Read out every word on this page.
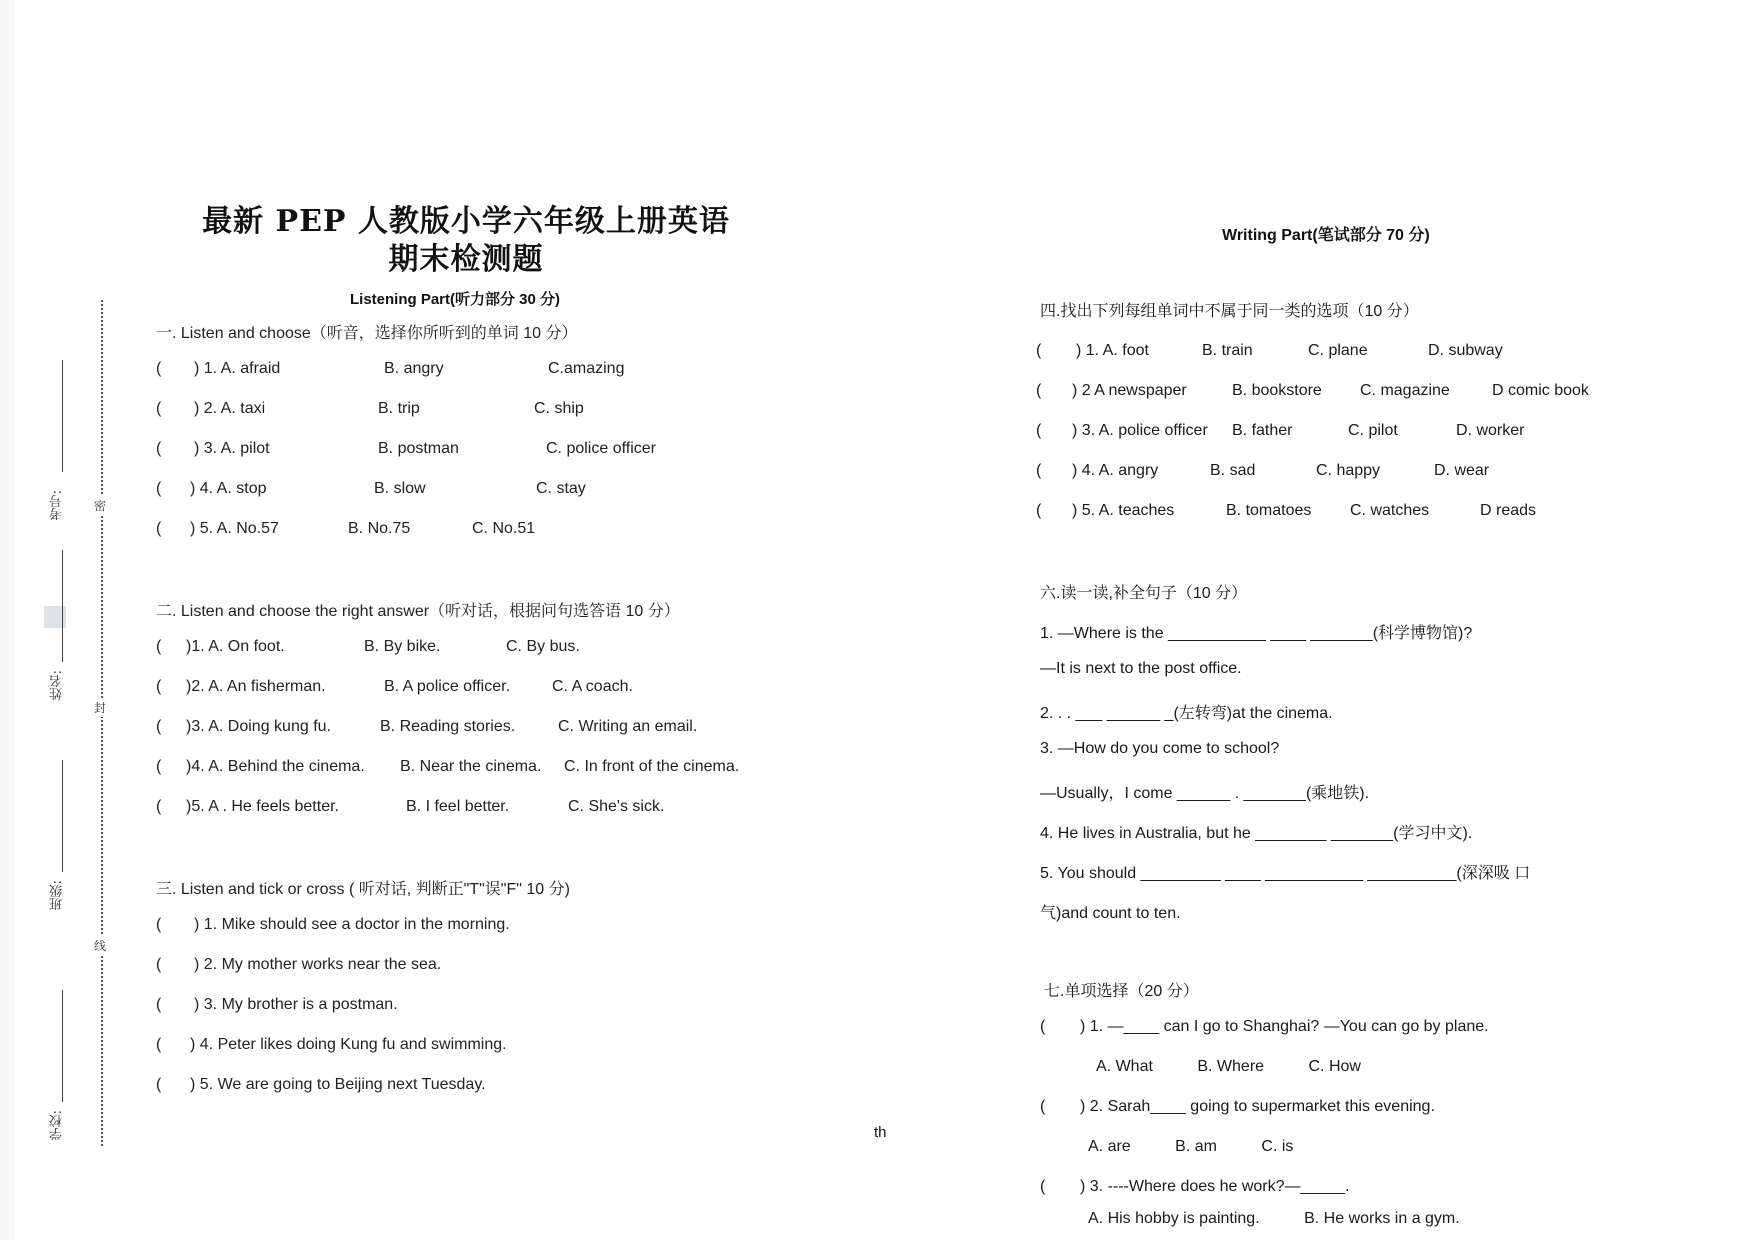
密
封
线
考号:
姓名:
班级:
学校:
最新 PEP 人教版小学六年级上册英语
期末检测题
Listening Part(听力部分 30 分)
一. Listen and choose（听音，选择你所听到的单词 10 分）
( ) 1. A. afraid	B. angry	C.amazing
( ) 2. A. taxi	B. trip	C. ship
( ) 3. A. pilot	B. postman	C. police officer
( ) 4. A. stop	B. slow	C. stay
( ) 5. A. No.57	B. No.75	C. No.51
二. Listen and choose the right answer（听对话，根据问句选答语 10 分）
( )1. A. On foot.	B. By bike.	C. By bus.
( )2. A. An fisherman.	B. A police officer.	C. A coach.
( )3. A. Doing kung fu.	B. Reading stories.	C. Writing an email.
( )4. A. Behind the cinema. B. Near the cinema. C. In front of the cinema.
( )5. A . He feels better.	B. I feel better.	C. She's sick.
三. Listen and tick or cross ( 听对话, 判断正"T"误"F" 10 分)
( ) 1. Mike should see a doctor in the morning.
( ) 2. My mother works near the sea.
( ) 3. My brother is a postman.
( ) 4. Peter likes doing Kung fu and swimming.
( ) 5. We are going to Beijing next Tuesday.
th
Writing Part(笔试部分 70 分)
四.找出下列每组单词中不属于同一类的选项（10 分）
( ) 1. A. foot	B. train	C. plane	D. subway
( ) 2 A newspaper	B. bookstore C. magazine	D comic book
( ) 3. A. police officer B. father	C. pilot	D. worker
( ) 4. A. angry	B. sad	C. happy	D. wear
( ) 5. A. teaches	B. tomatoes C. watches	D reads
六.读一读,补全句子（10 分）
1. —Where is the ___________ ____ _______(科学博物馆)?
—It is next to the post office.
2. . . ___ ______ _(左转弯)at the cinema.
3. —How do you come to school?
—Usually，I come ______ . _______(乘地铁).
4. He lives in Australia, but he ________ _______(学习中文).
5. You should _________ ____ ___________ __________(深深吸 口
气)and count to ten.
七.单项选择（20 分）
( ) 1. —____ can I go to Shanghai? —You can go by plane.
A. What          B. Where          C. How
( ) 2. Sarah____ going to supermarket this evening.
A. are          B. am          C. is
( ) 3. ----Where does he work?—_____.
A. His hobby is painting.          B. He works in a gym.
